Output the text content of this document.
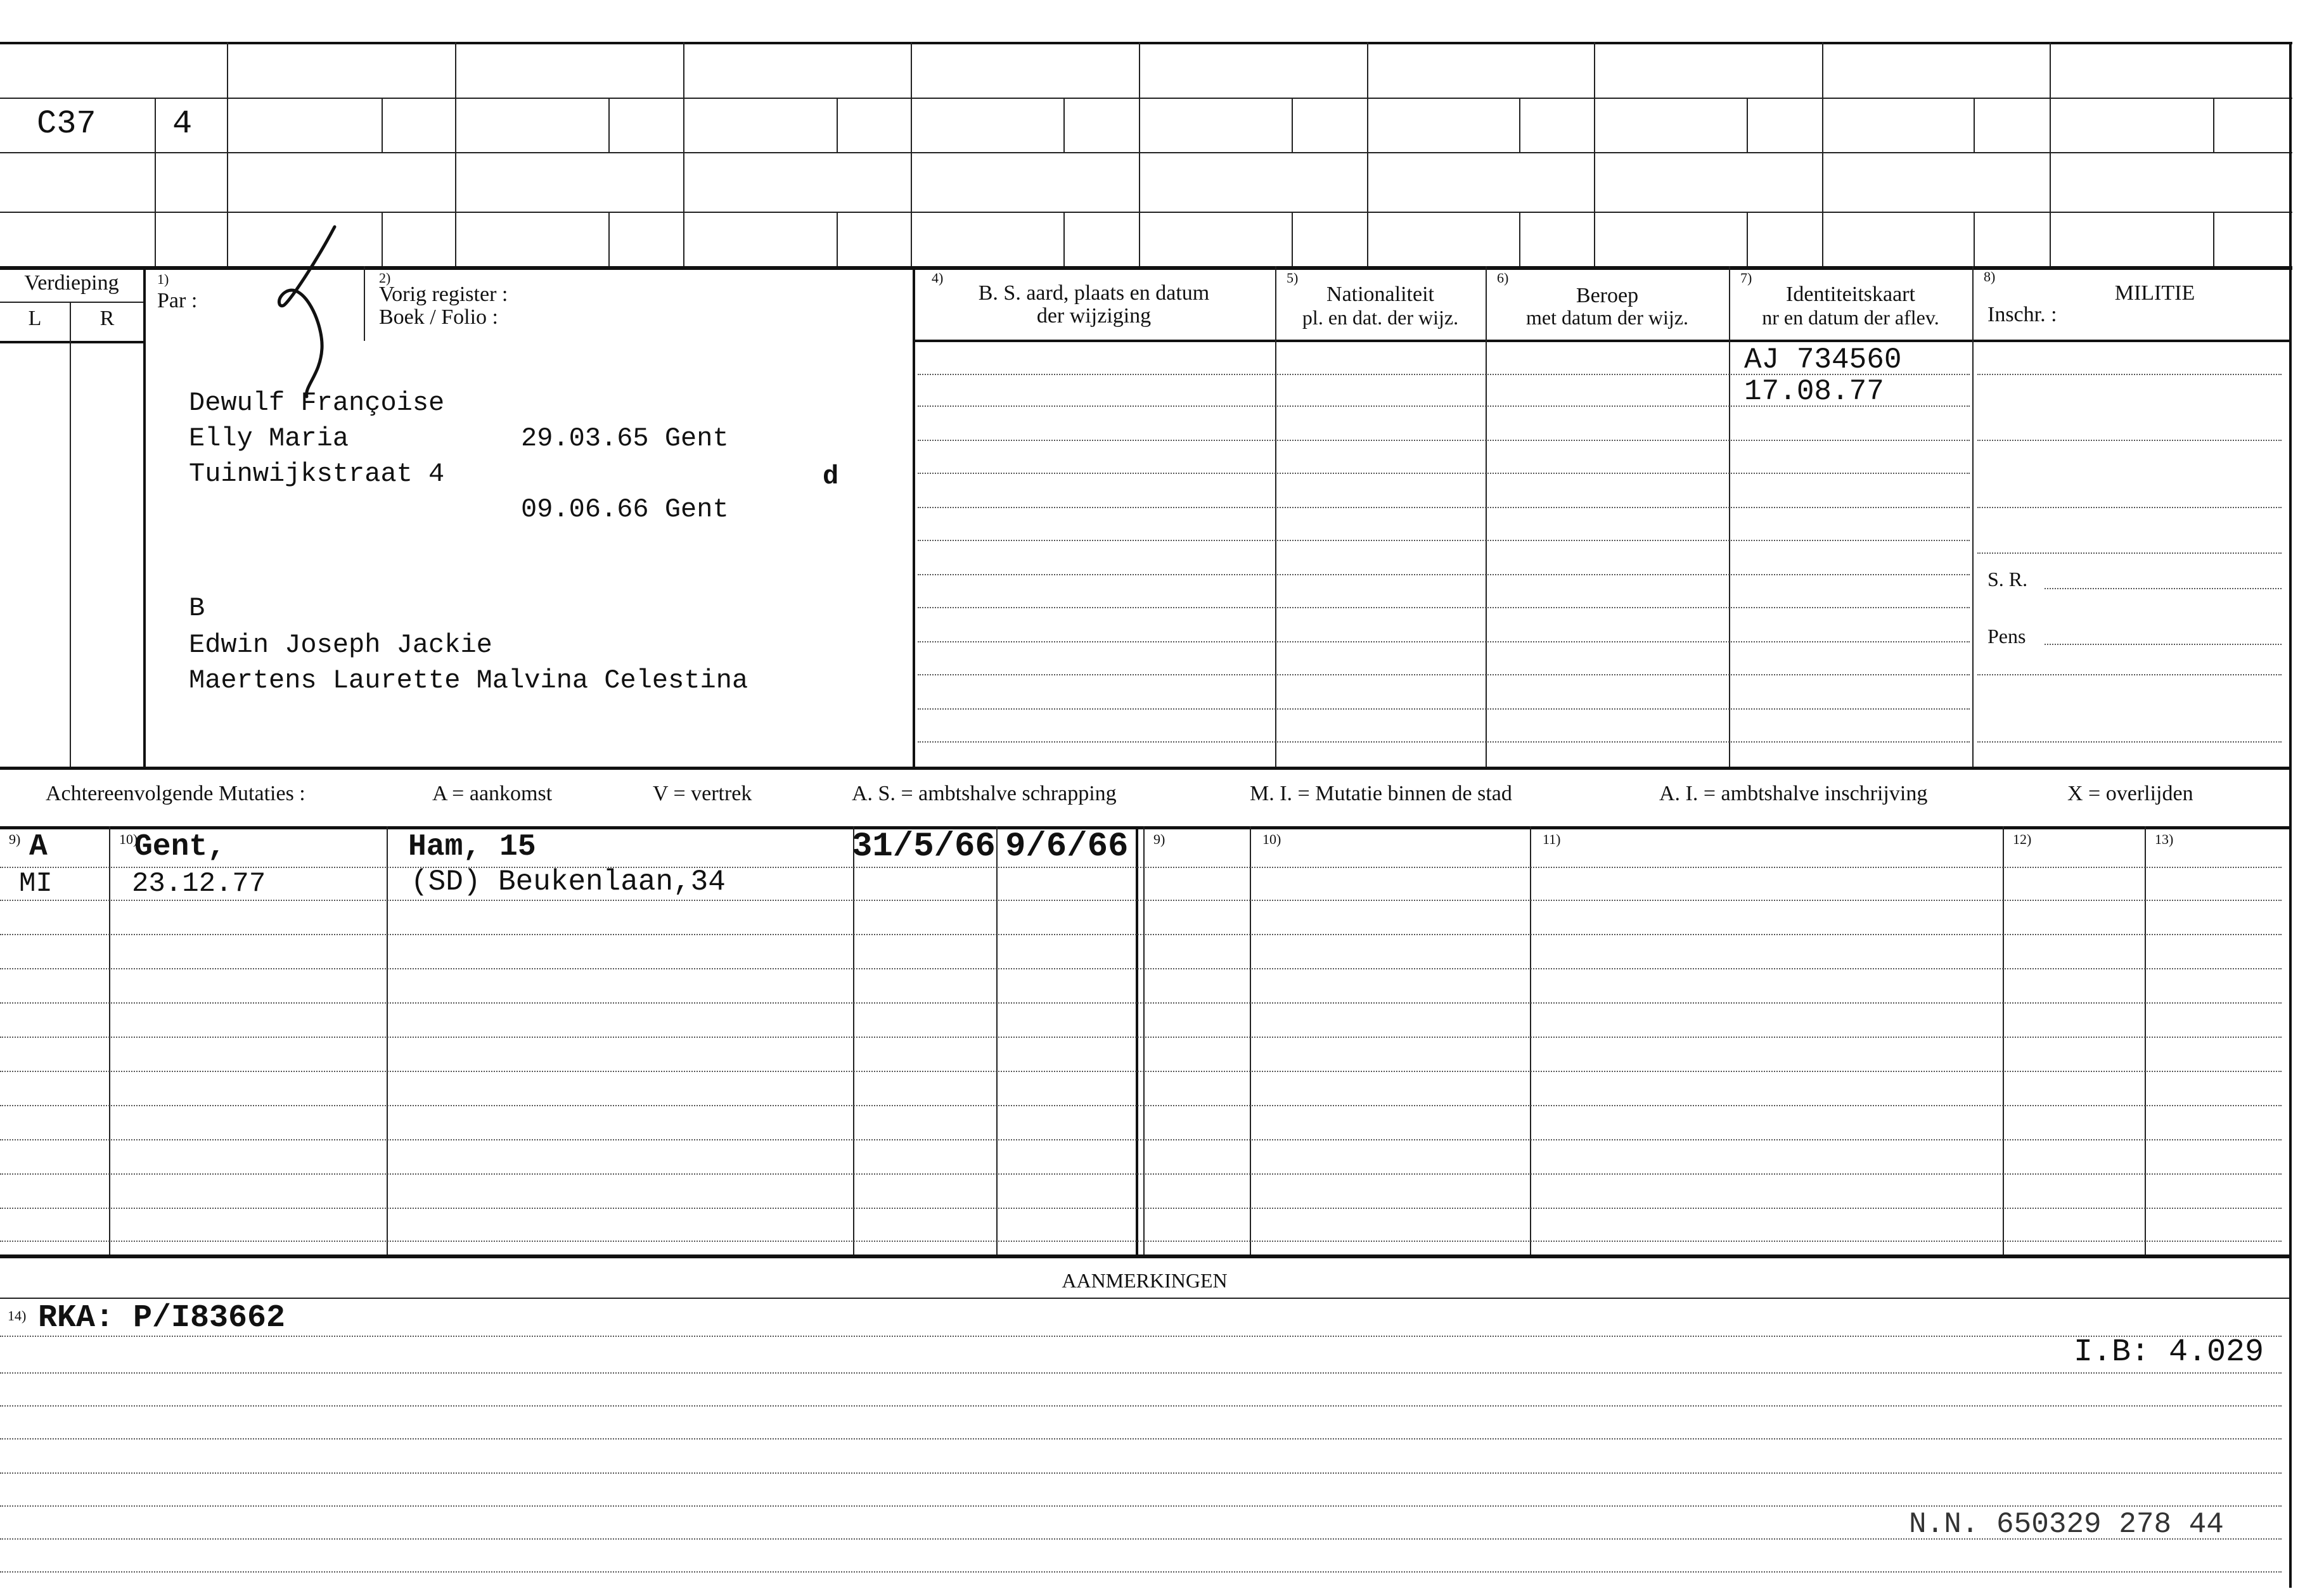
C37 4
Verdieping
L	R
1)
Par :
2)
Vorig register :
Boek / Folio :
4)
B. S. aard, plaats en datum
der wijziging
5)
Nationaliteit
pl. en dat. der wijz.
6)
Beroep
met datum der wijz.
7)
Identiteitskaart
nr en datum der aflev.
8)
MILITIE
Inschr. :
Dewulf Françoise
Elly Maria	29.03.65 Gent
Tuinwijkstraat 4	d
09.06.66 Gent
B
Edwin Joseph Jackie
Maertens Laurette Malvina Celestina
AJ 734560
17.08.77
S. R.
Pens
Achtereenvolgende Mutaties :	A = aankomst	V = vertrek	A. S. = ambtshalve schrapping	M. I. = Mutatie binnen de stad	A. I. = ambtshalve inschrijving	X = overlijden
9)	10)	9)	10)	11)	12)	13)
A	Gent,	Ham, 15	31/5/66 9/6/66
MI	23.12.77	(SD) Beukenlaan,34
AANMERKINGEN
14) RKA: P/I83662
I.B: 4.029
N.N. 650329 278 44
